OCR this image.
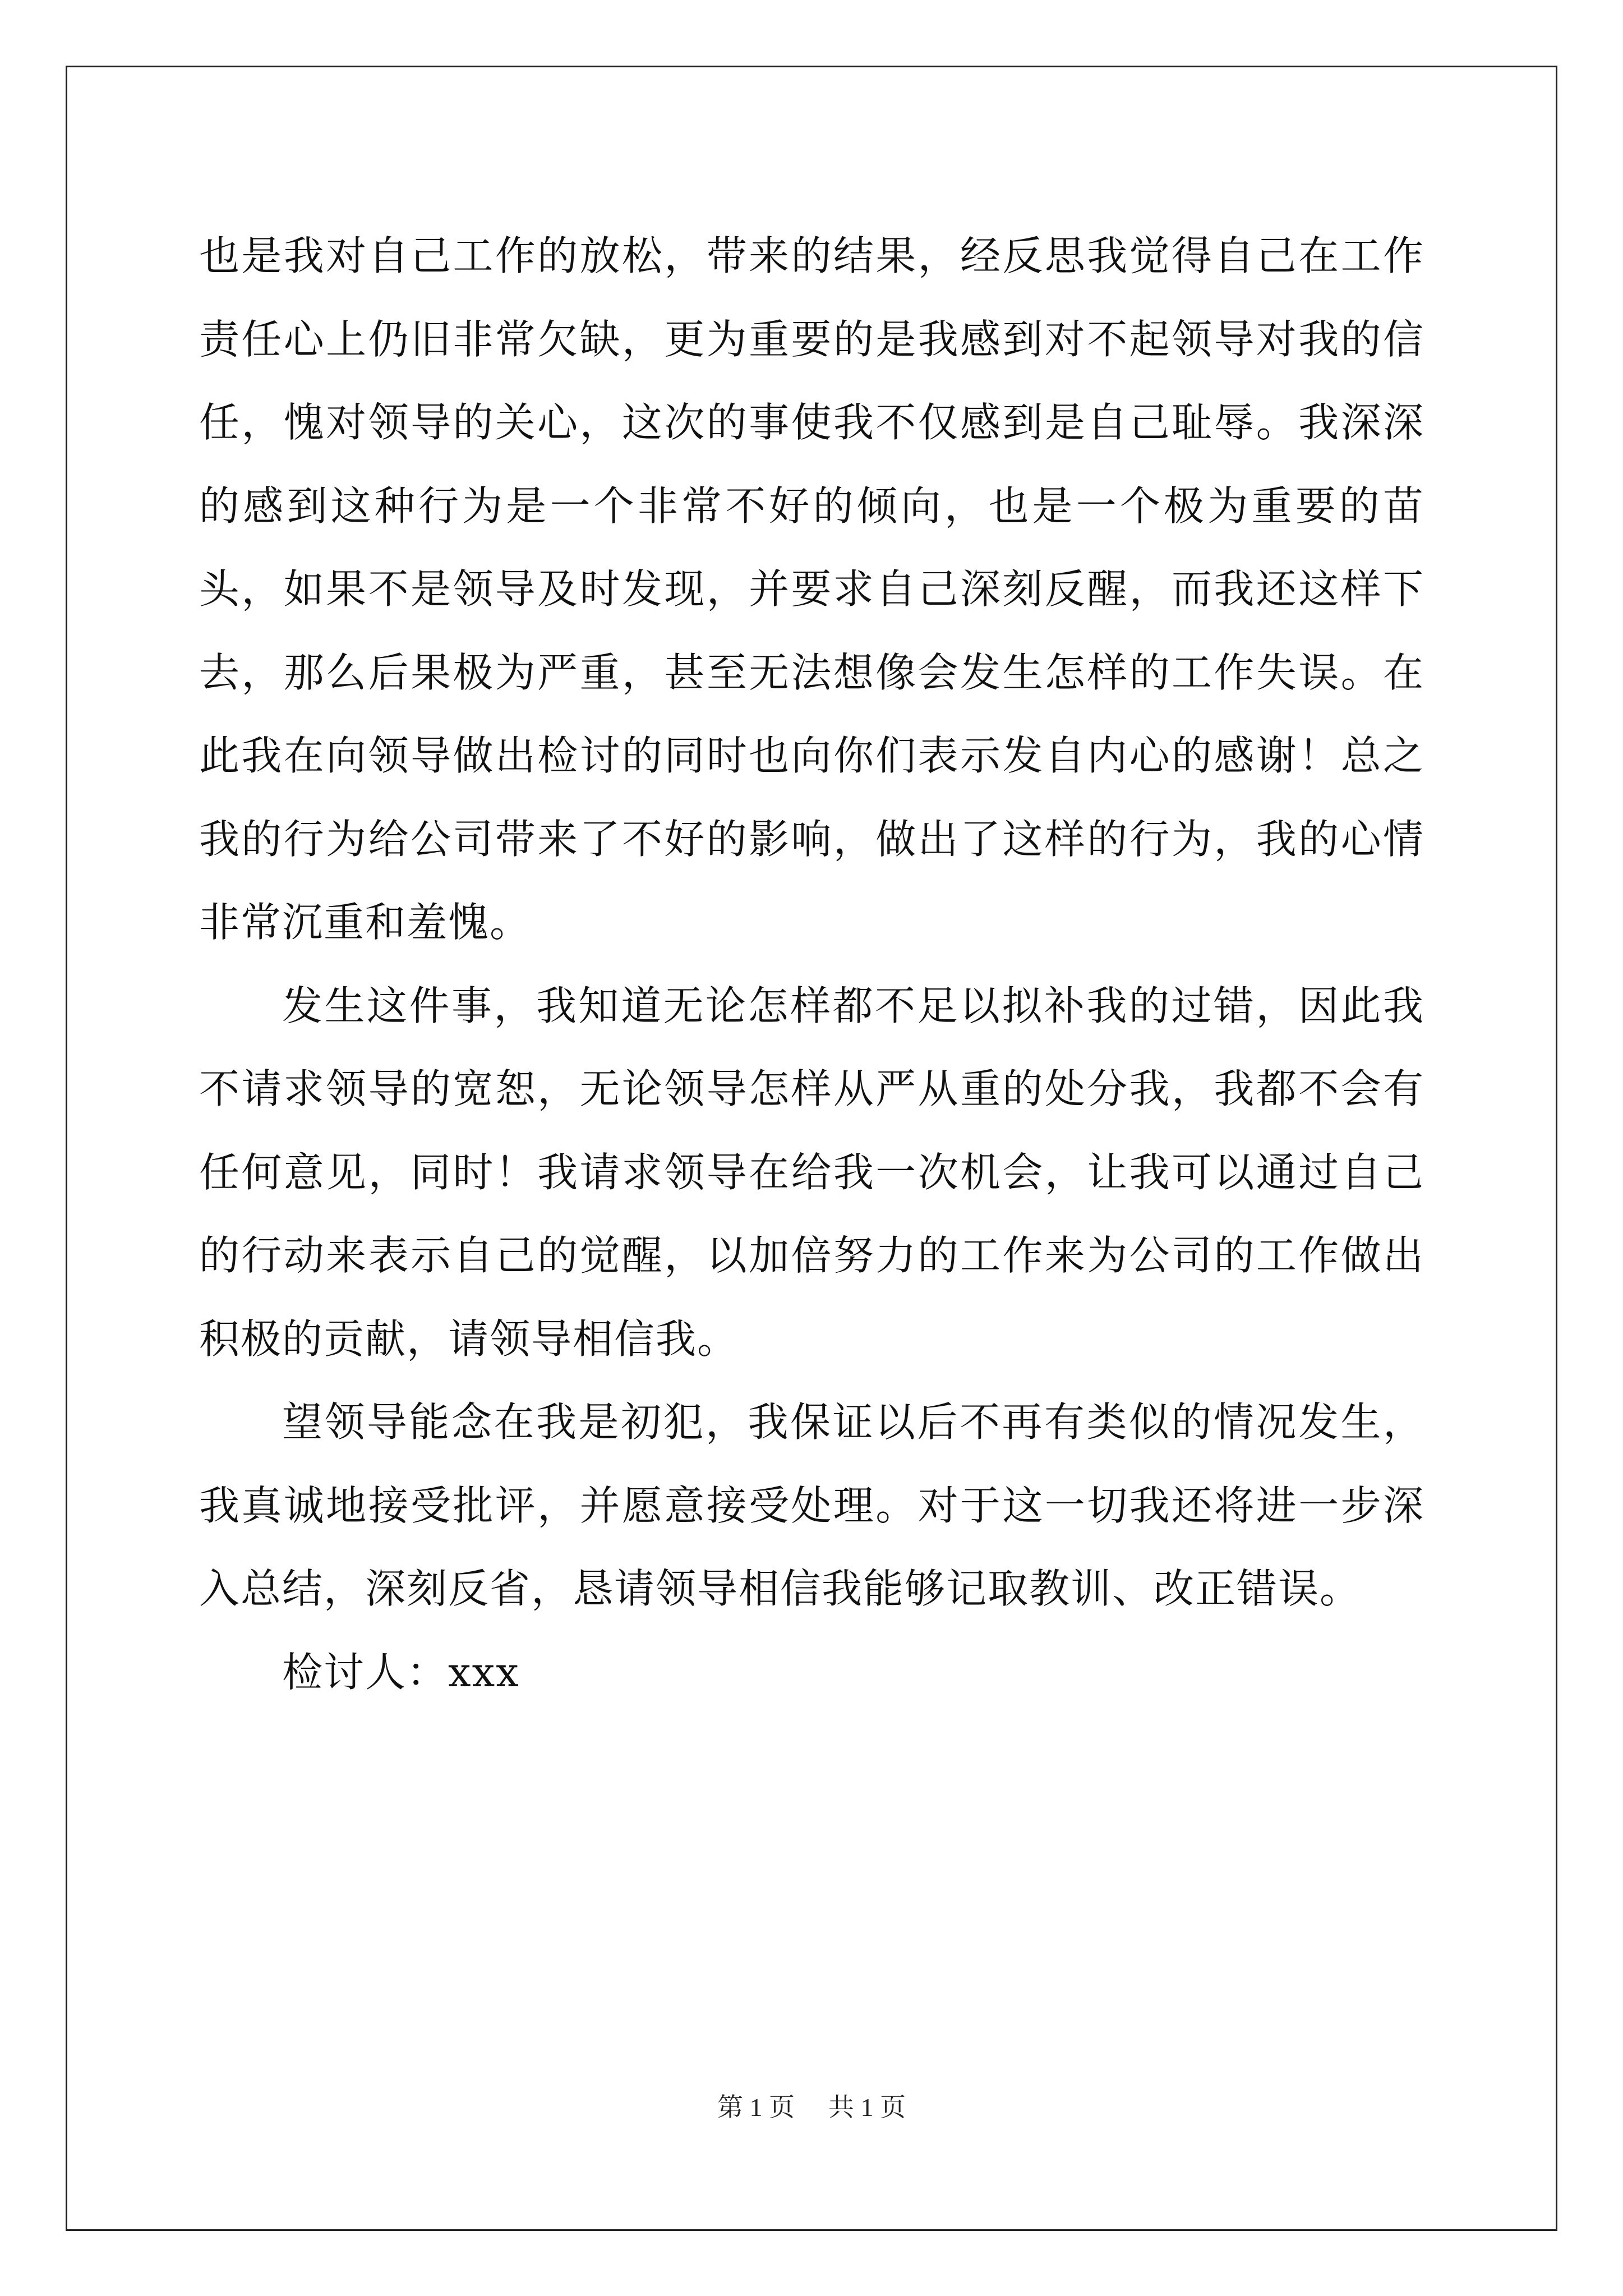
也是我对自己工作的放松，带来的结果，经反思我觉得自己在工作责任心上仍旧非常欠缺，更为重要的是我感到对不起领导对我的信任，愧对领导的关心，这次的事使我不仅感到是自己耻辱。我深深的感到这种行为是一个非常不好的倾向，也是一个极为重要的苗头，如果不是领导及时发现，并要求自己深刻反醒，而我还这样下去，那么后果极为严重，甚至无法想像会发生怎样的工作失误。在此我在向领导做出检讨的同时也向你们表示发自内心的感谢！总之我的行为给公司带来了不好的影响，做出了这样的行为，我的心情非常沉重和羞愧。

发生这件事，我知道无论怎样都不足以拟补我的过错，因此我不请求领导的宽恕，无论领导怎样从严从重的处分我，我都不会有任何意见，同时！我请求领导在给我一次机会，让我可以通过自己的行动来表示自己的觉醒，以加倍努力的工作来为公司的工作做出积极的贡献，请领导相信我。

望领导能念在我是初犯，我保证以后不再有类似的情况发生，我真诚地接受批评，并愿意接受处理。对于这一切我还将进一步深入总结，深刻反省，恳请领导相信我能够记取教训、改正错误。

检讨人：xxx

第 1 页 共 1 页
